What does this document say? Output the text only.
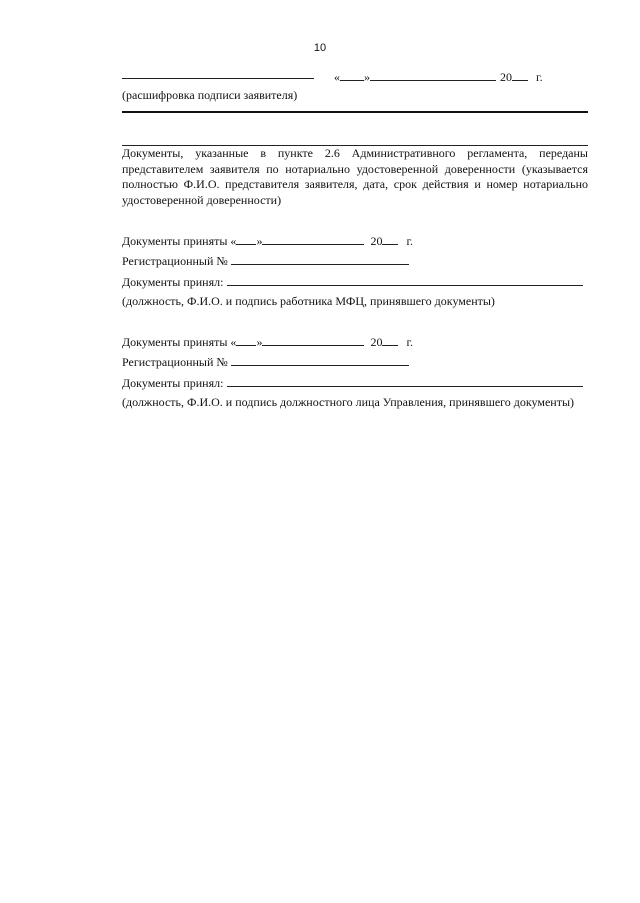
10
« »	20 г.
(расшифровка подписи заявителя)
Документы, указанные в пункте 2.6 Административного регламента, переданы представителем заявителя по нотариально удостоверенной доверенности (указывается полностью Ф.И.О. представителя заявителя, дата, срок действия и номер нотариально удостоверенной доверенности)
Документы приняты « »	20 г.
Регистрационный №
Документы принял:
(должность, Ф.И.О. и подпись работника МФЦ, принявшего документы)
Документы приняты « »	20 г.
Регистрационный №
Документы принял:
(должность, Ф.И.О. и подпись должностного лица Управления, принявшего документы)
